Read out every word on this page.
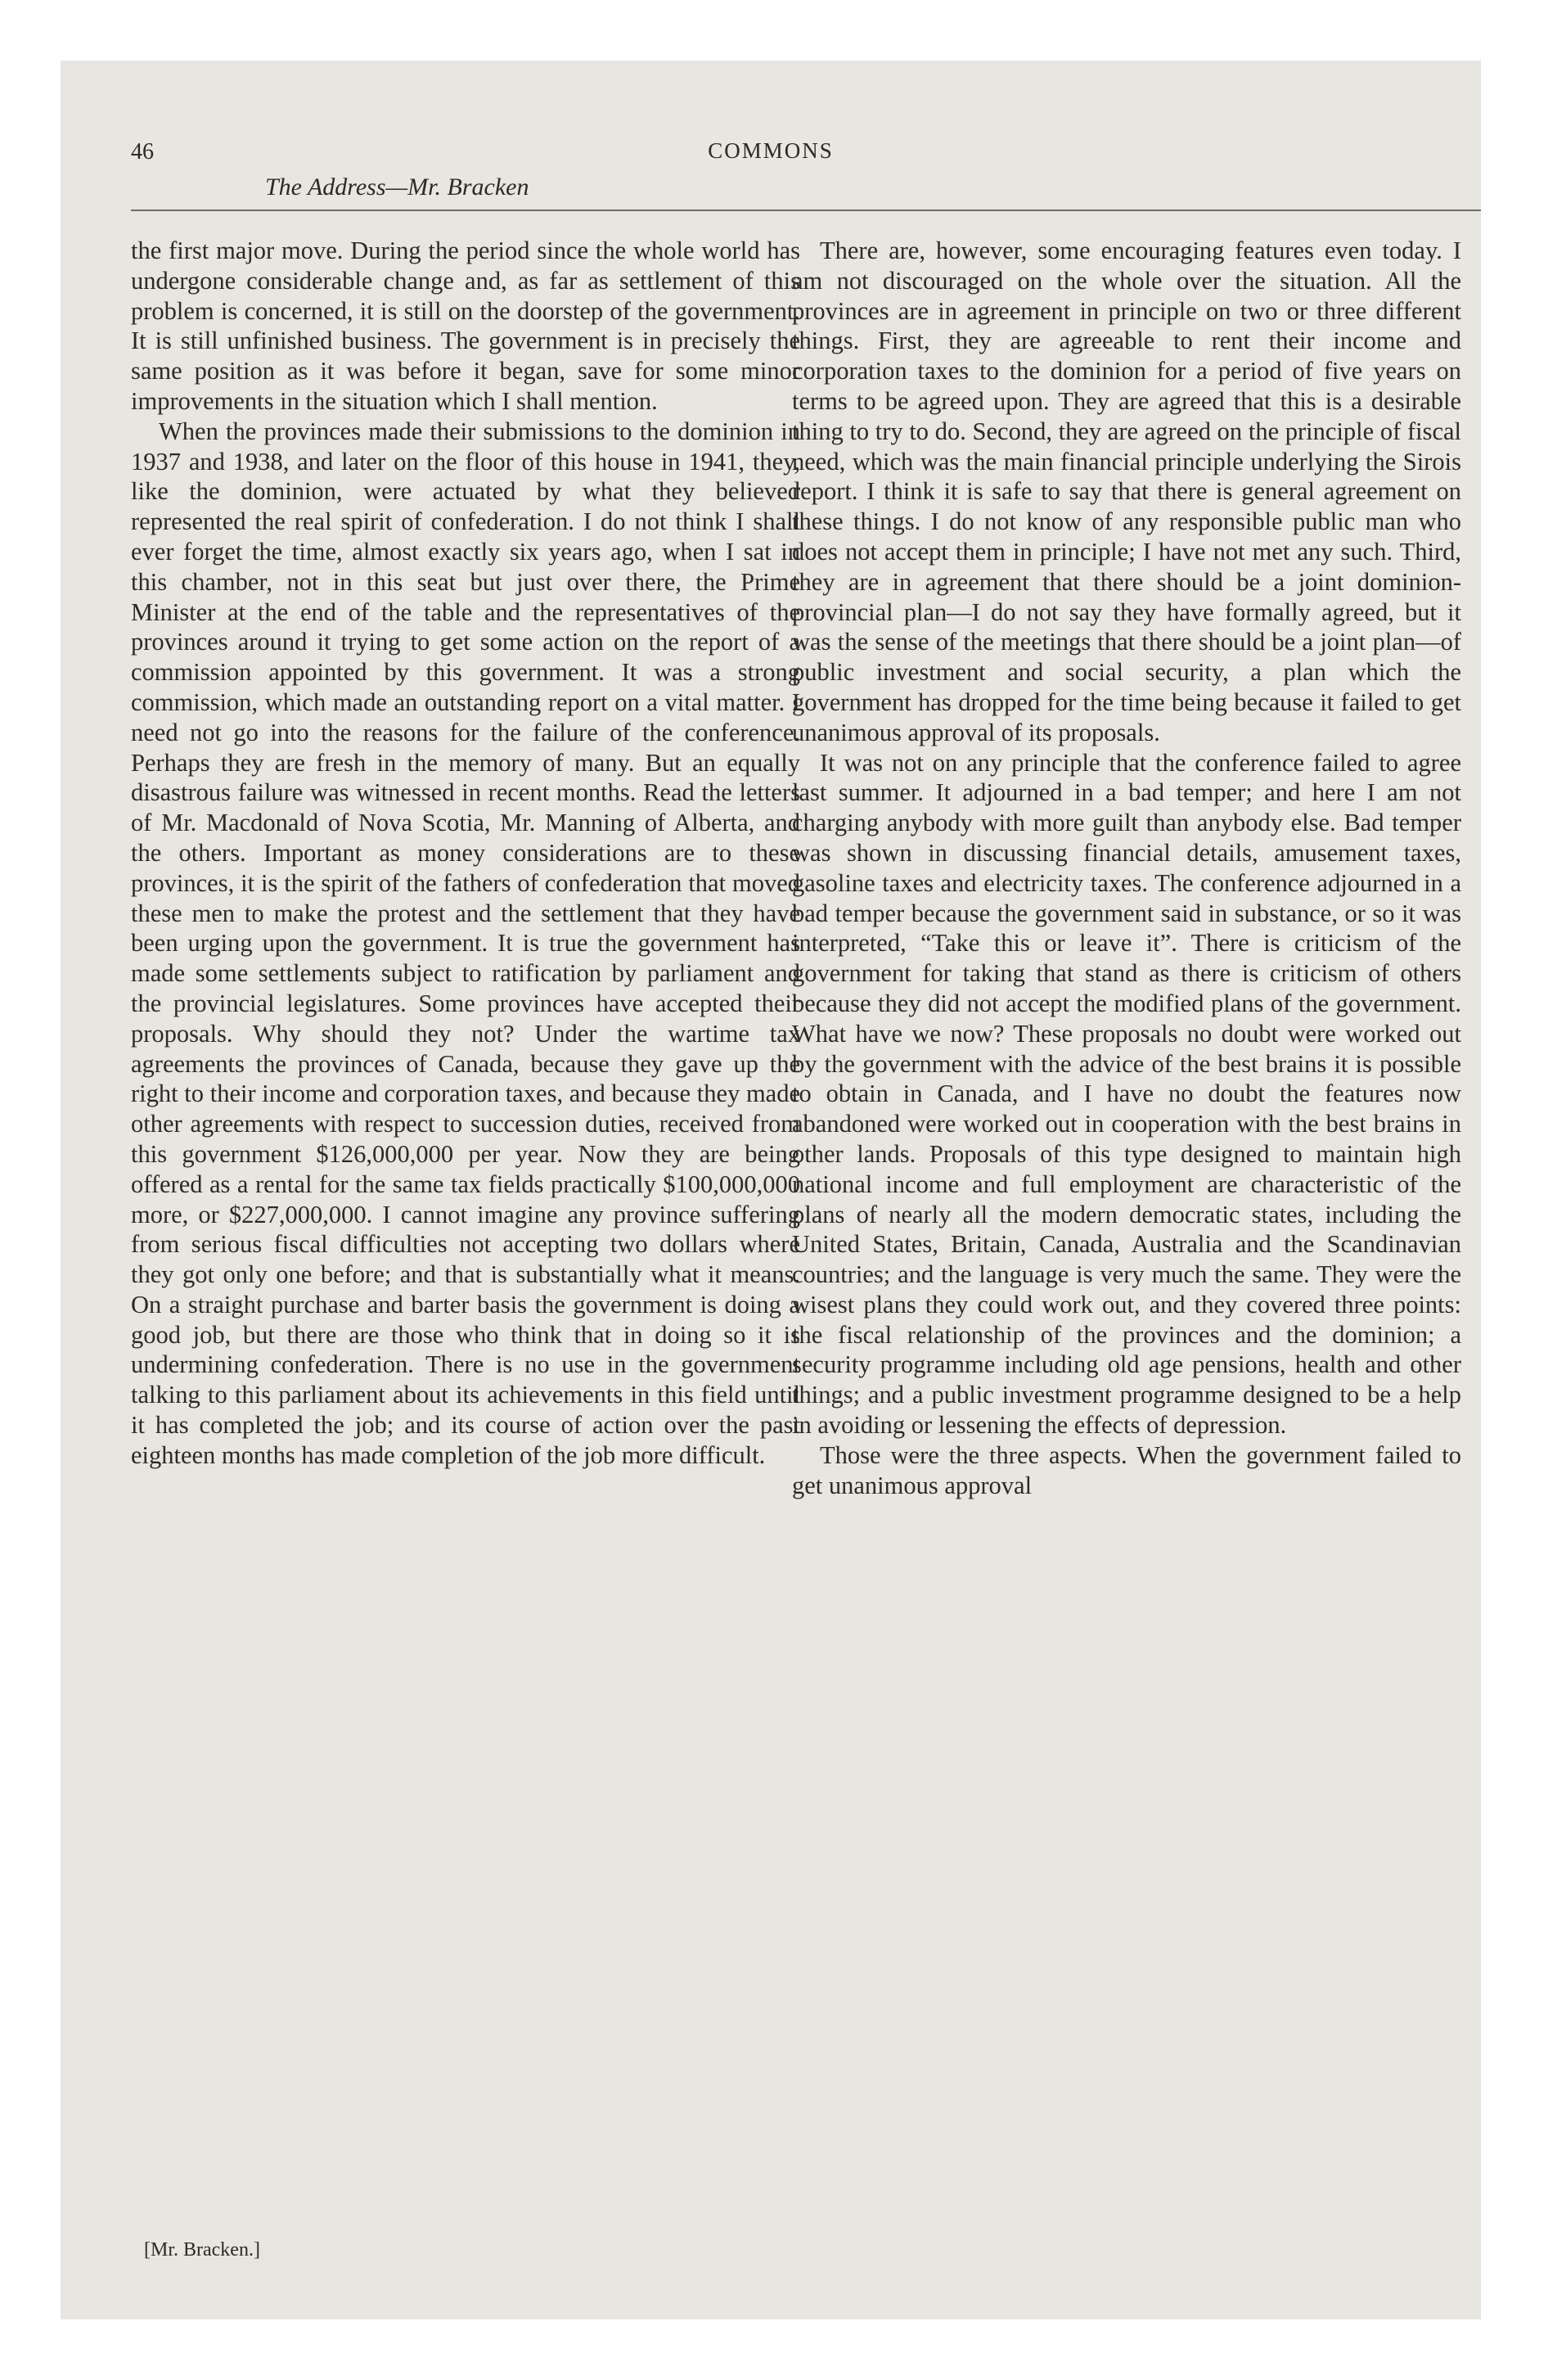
46
The Address—Mr. Bracken
COMMONS

the first major move. During the period since the whole world has undergone considerable change and, as far as settlement of this problem is concerned, it is still on the doorstep of the government. It is still unfinished business. The government is in precisely the same position as it was before it began, save for some minor improvements in the situation which I shall mention.

When the provinces made their submissions to the dominion in 1937 and 1938, and later on the floor of this house in 1941, they, like the dominion, were actuated by what they believed represented the real spirit of confederation. I do not think I shall ever forget the time, almost exactly six years ago, when I sat in this chamber, not in this seat but just over there, the Prime Minister at the end of the table and the representatives of the provinces around it trying to get some action on the report of a commission appointed by this government. It was a strong commission, which made an outstanding report on a vital matter. I need not go into the reasons for the failure of the conference. Perhaps they are fresh in the memory of many. But an equally disastrous failure was witnessed in recent months. Read the letters of Mr. Macdonald of Nova Scotia, Mr. Manning of Alberta, and the others. Important as money considerations are to these provinces, it is the spirit of the fathers of confederation that moved these men to make the protest and the settlement that they have been urging upon the government. It is true the government has made some settlements subject to ratification by parliament and the provincial legislatures. Some provinces have accepted their proposals. Why should they not? Under the wartime tax agreements the provinces of Canada, because they gave up the right to their income and corporation taxes, and because they made other agreements with respect to succession duties, received from this government $126,000,000 per year. Now they are being offered as a rental for the same tax fields practically $100,000,000 more, or $227,000,000. I cannot imagine any province suffering from serious fiscal difficulties not accepting two dollars where they got only one before; and that is substantially what it means. On a straight purchase and barter basis the government is doing a good job, but there are those who think that in doing so it is undermining confederation. There is no use in the government talking to this parliament about its achievements in this field until it has completed the job; and its course of action over the past eighteen months has made completion of the job more difficult.

There are, however, some encouraging features even today. I am not discouraged on the whole over the situation. All the provinces are in agreement in principle on two or three different things. First, they are agreeable to rent their income and corporation taxes to the dominion for a period of five years on terms to be agreed upon. They are agreed that this is a desirable thing to try to do. Second, they are agreed on the principle of fiscal need, which was the main financial principle underlying the Sirois report. I think it is safe to say that there is general agreement on these things. I do not know of any responsible public man who does not accept them in principle; I have not met any such. Third, they are in agreement that there should be a joint dominion-provincial plan—I do not say they have formally agreed, but it was the sense of the meetings that there should be a joint plan—of public investment and social security, a plan which the government has dropped for the time being because it failed to get unanimous approval of its proposals.

It was not on any principle that the conference failed to agree last summer. It adjourned in a bad temper; and here I am not charging anybody with more guilt than anybody else. Bad temper was shown in discussing financial details, amusement taxes, gasoline taxes and electricity taxes. The conference adjourned in a bad temper because the government said in substance, or so it was interpreted, “Take this or leave it”. There is criticism of the government for taking that stand as there is criticism of others because they did not accept the modified plans of the government. What have we now? These proposals no doubt were worked out by the government with the advice of the best brains it is possible to obtain in Canada, and I have no doubt the features now abandoned were worked out in cooperation with the best brains in other lands. Proposals of this type designed to maintain high national income and full employment are characteristic of the plans of nearly all the modern democratic states, including the United States, Britain, Canada, Australia and the Scandinavian countries; and the language is very much the same. They were the wisest plans they could work out, and they covered three points: the fiscal relationship of the provinces and the dominion; a security programme including old age pensions, health and other things; and a public investment programme designed to be a help in avoiding or lessening the effects of depression.

Those were the three aspects. When the government failed to get unanimous approval

[Mr. Bracken.]
